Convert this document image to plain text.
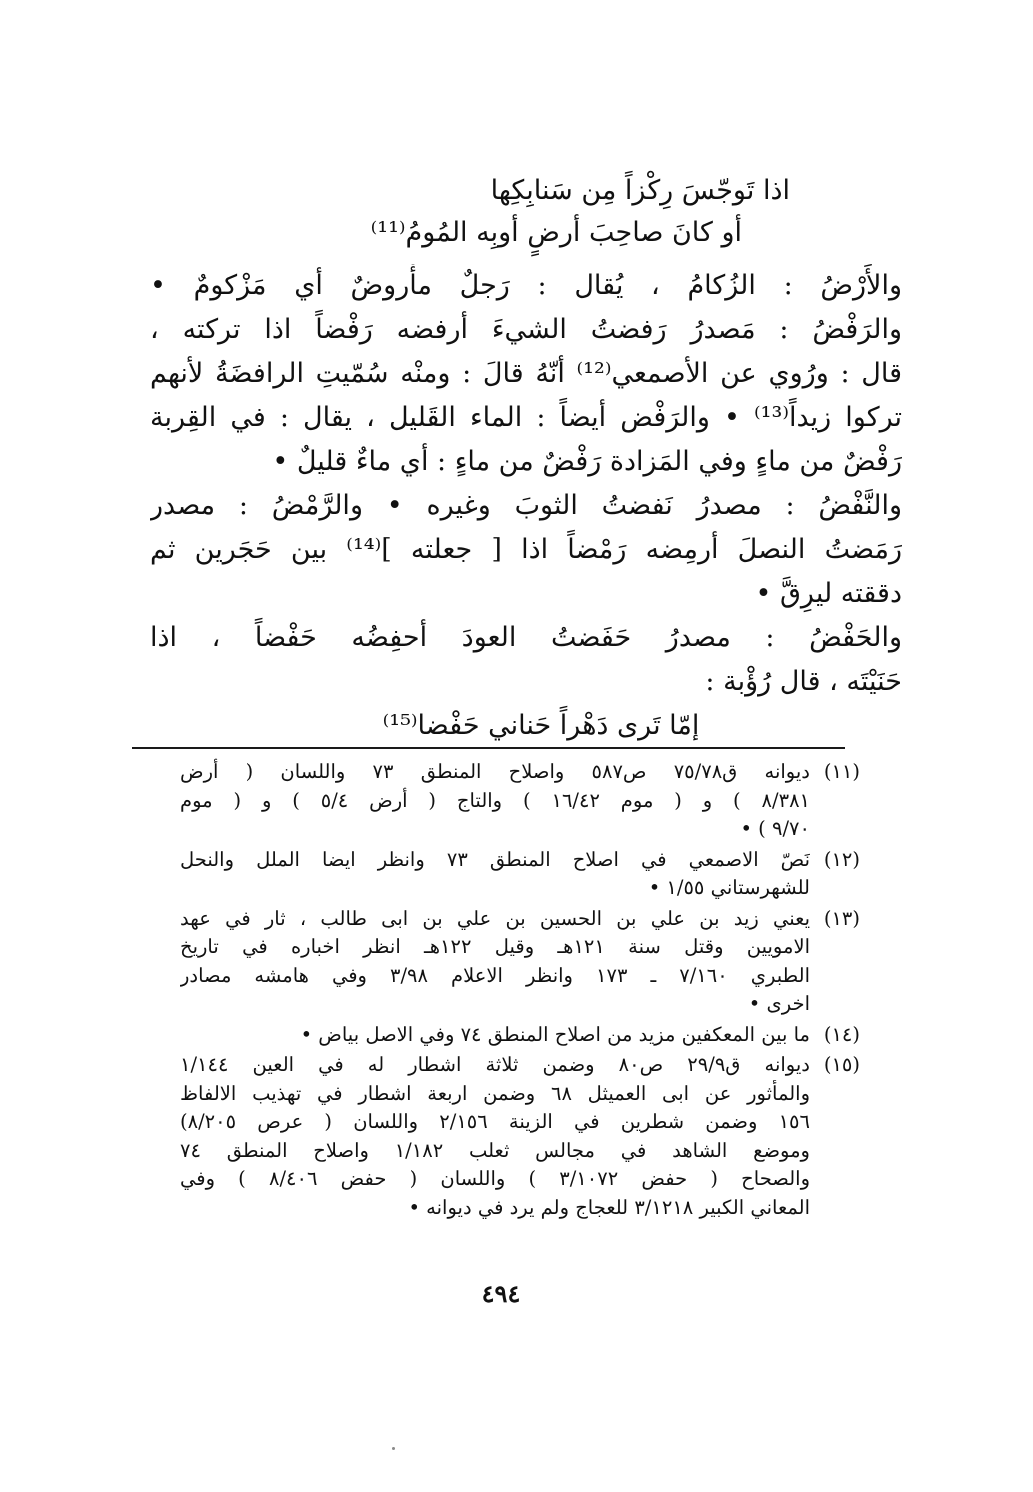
اذا تَوجّسَ رِكْزاً مِن سَنابِكِها
أو كانَ صاحِبَ أرضٍ أوبِه المُومُ⁽¹¹⁾
والأَرْضُ : الزُكامُ ، يُقال : رَجلٌ مأْروضٌ أي مَزْكومٌ •
والرَفْضُ : مَصدرُ رَفضتُ الشيءَ أرفضه رَفْضاً اذا تركته ،
قال : ورُوي عن الأصمعي⁽¹²⁾ أنّهُ قالَ : ومنْه سُمّيتِ الرافضَةُ لأنهم
تركوا زيداً⁽¹³⁾ • والرَفْض أيضاً : الماء القَليل ، يقال : في القِربة
رَفْضٌ من ماءٍ وفي المَزادة رَفْضٌ من ماءٍ : أي ماءٌ قليلٌ •
والنَّفْضُ : مصدرُ نَفضتُ الثوبَ وغيره • والرَّمْضُ : مصدر
رَمَضتُ النصلَ أرمِضه رَمْضاً اذا [ جعلته ]⁽¹⁴⁾ بين حَجَرين ثم
دققته ليرِقَّ •
والحَفْضُ : مصدرُ حَفَضتُ العودَ أحفِضُه حَفْضاً ، اذا
حَنَيْتَه ، قال رُؤْبة :
إمّا تَرى دَهْراً حَناني حَفْضا⁽¹⁵⁾
(١١)
ديوانه ق٧٥/٧٨ ص٥٨٧ واصلاح المنطق ٧٣ واللسان ( أرض
٨/٣٨١ ) و ( موم ١٦/٤٢ ) والتاج ( أرض ٥/٤ ) و ( موم
٩/٧٠ ) •
(١٢)
نَصّ الاصمعي في اصلاح المنطق ٧٣ وانظر ايضا الملل والنحل
للشهرستاني ١/٥٥ •
(١٣)
يعني زيد بن علي بن الحسين بن علي بن ابى طالب ، ثار في عهد
الامويين وقتل سنة ١٢١هـ وقيل ١٢٢هـ انظر اخباره في تاريخ
الطبري ٧/١٦٠ ـ ١٧٣ وانظر الاعلام ٣/٩٨ وفي هامشه مصادر
اخرى •
(١٤)
ما بين المعكفين مزيد من اصلاح المنطق ٧٤ وفي الاصل بياض •
(١٥)
ديوانه ق٢٩/٩ ص٨٠ وضمن ثلاثة اشطار له في العين ١/١٤٤
والمأثور عن ابى العميثل ٦٨ وضمن اربعة اشطار في تهذيب الالفاظ
١٥٦ وضمن شطرين في الزينة ٢/١٥٦ واللسان ( عرص ٨/٢٠٥)
وموضع الشاهد في مجالس ثعلب ١/١٨٢ واصلاح المنطق ٧٤
والصحاح ( حفض ٣/١٠٧٢ ) واللسان ( حفض ٨/٤٠٦ ) وفي
المعاني الكبير ٣/١٢١٨ للعجاج ولم يرد في ديوانه •
٤٩٤
